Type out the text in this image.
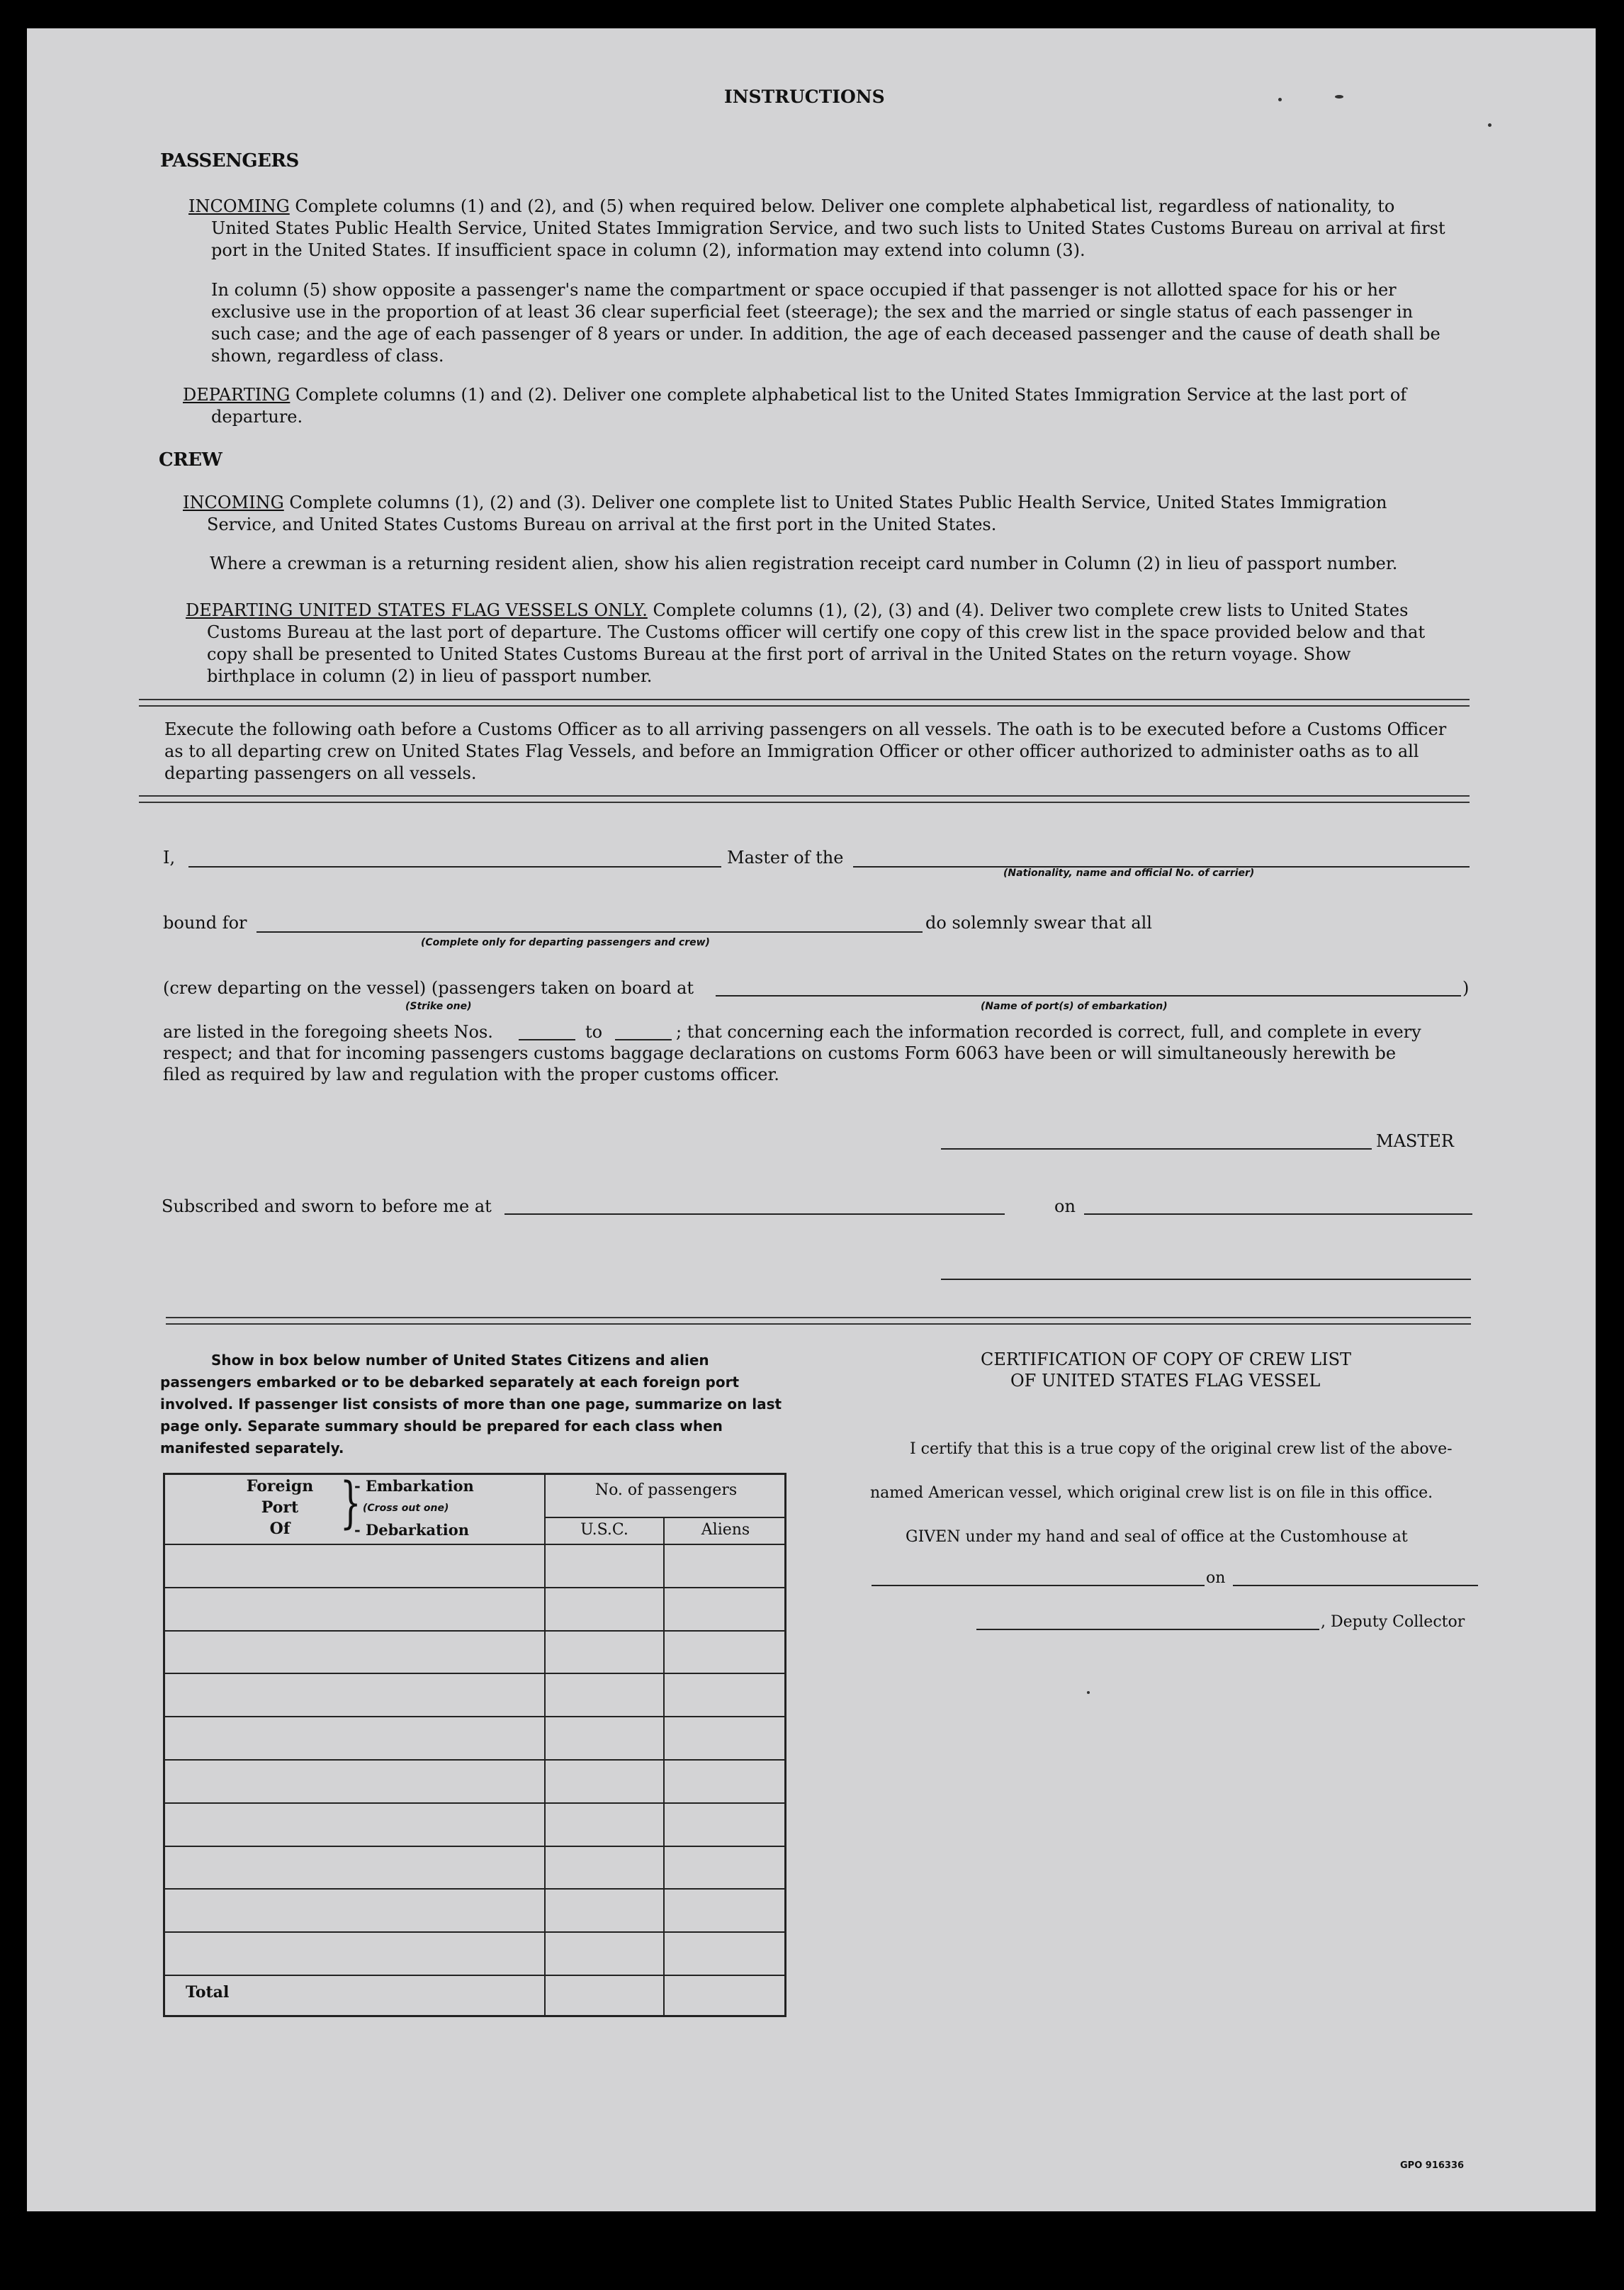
INSTRUCTIONS
PASSENGERS

INCOMING Complete columns (1) and (2), and (5) when required below. Deliver one complete alphabetical list, regardless of nationality, to United States Public Health Service, United States Immigration Service, and two such lists to United States Customs Bureau on arrival at first port in the United States. If insufficient space in column (2), information may extend into column (3).

In column (5) show opposite a passenger's name the compartment or space occupied if that passenger is not allotted space for his or her exclusive use in the proportion of at least 36 clear superficial feet (steerage); the sex and the married or single status of each passenger in such case; and the age of each passenger of 8 years or under. In addition, the age of each deceased passenger and the cause of death shall be shown, regardless of class.

DEPARTING Complete columns (1) and (2). Deliver one complete alphabetical list to the United States Immigration Service at the last port of departure.

CREW

INCOMING Complete columns (1), (2) and (3). Deliver one complete list to United States Public Health Service, United States Immigration Service, and United States Customs Bureau on arrival at the first port in the United States.

Where a crewman is a returning resident alien, show his alien registration receipt card number in Column (2) in lieu of passport number.

DEPARTING UNITED STATES FLAG VESSELS ONLY. Complete columns (1), (2), (3) and (4). Deliver two complete crew lists to United States Customs Bureau at the last port of departure. The Customs officer will certify one copy of this crew list in the space provided below and that copy shall be presented to United States Customs Bureau at the first port of arrival in the United States on the return voyage. Show birthplace in column (2) in lieu of passport number.

Execute the following oath before a Customs Officer as to all arriving passengers on all vessels. The oath is to be executed before a Customs Officer as to all departing crew on United States Flag Vessels, and before an Immigration Officer or other officer authorized to administer oaths as to all departing passengers on all vessels.

I,	Master of the
(Nationality, name and official No. of carrier)
bound for
(Complete only for departing passengers and crew)
do solemnly swear that all
(crew departing on the vessel) (passengers taken on board at
(Strike one)	(Name of port(s) of embarkation)
)
are listed in the foregoing sheets Nos.	to	; that concerning each the information recorded is correct, full, and complete in every
respect; and that for incoming passengers customs baggage declarations on customs Form 6063 have been or will simultaneously herewith be
filed as required by law and regulation with the proper customs officer.
MASTER
Subscribed and sworn to before me at	on

Show in box below number of United States Citizens and alien passengers embarked or to be debarked separately at each foreign port involved. If passenger list consists of more than one page, summarize on last page only. Separate summary should be prepared for each class when manifested separately.

Foreign
Port
Of }
- Embarkation
(Cross out one)
- Debarkation
No. of passengers
U.S.C.	Aliens
Total
CERTIFICATION OF COPY OF CREW LIST
OF UNITED STATES FLAG VESSEL
I certify that this is a true copy of the original crew list of the above-
named American vessel, which original crew list is on file in this office.
GIVEN under my hand and seal of office at the Customhouse at
on
, Deputy Collector
GPO 916336
